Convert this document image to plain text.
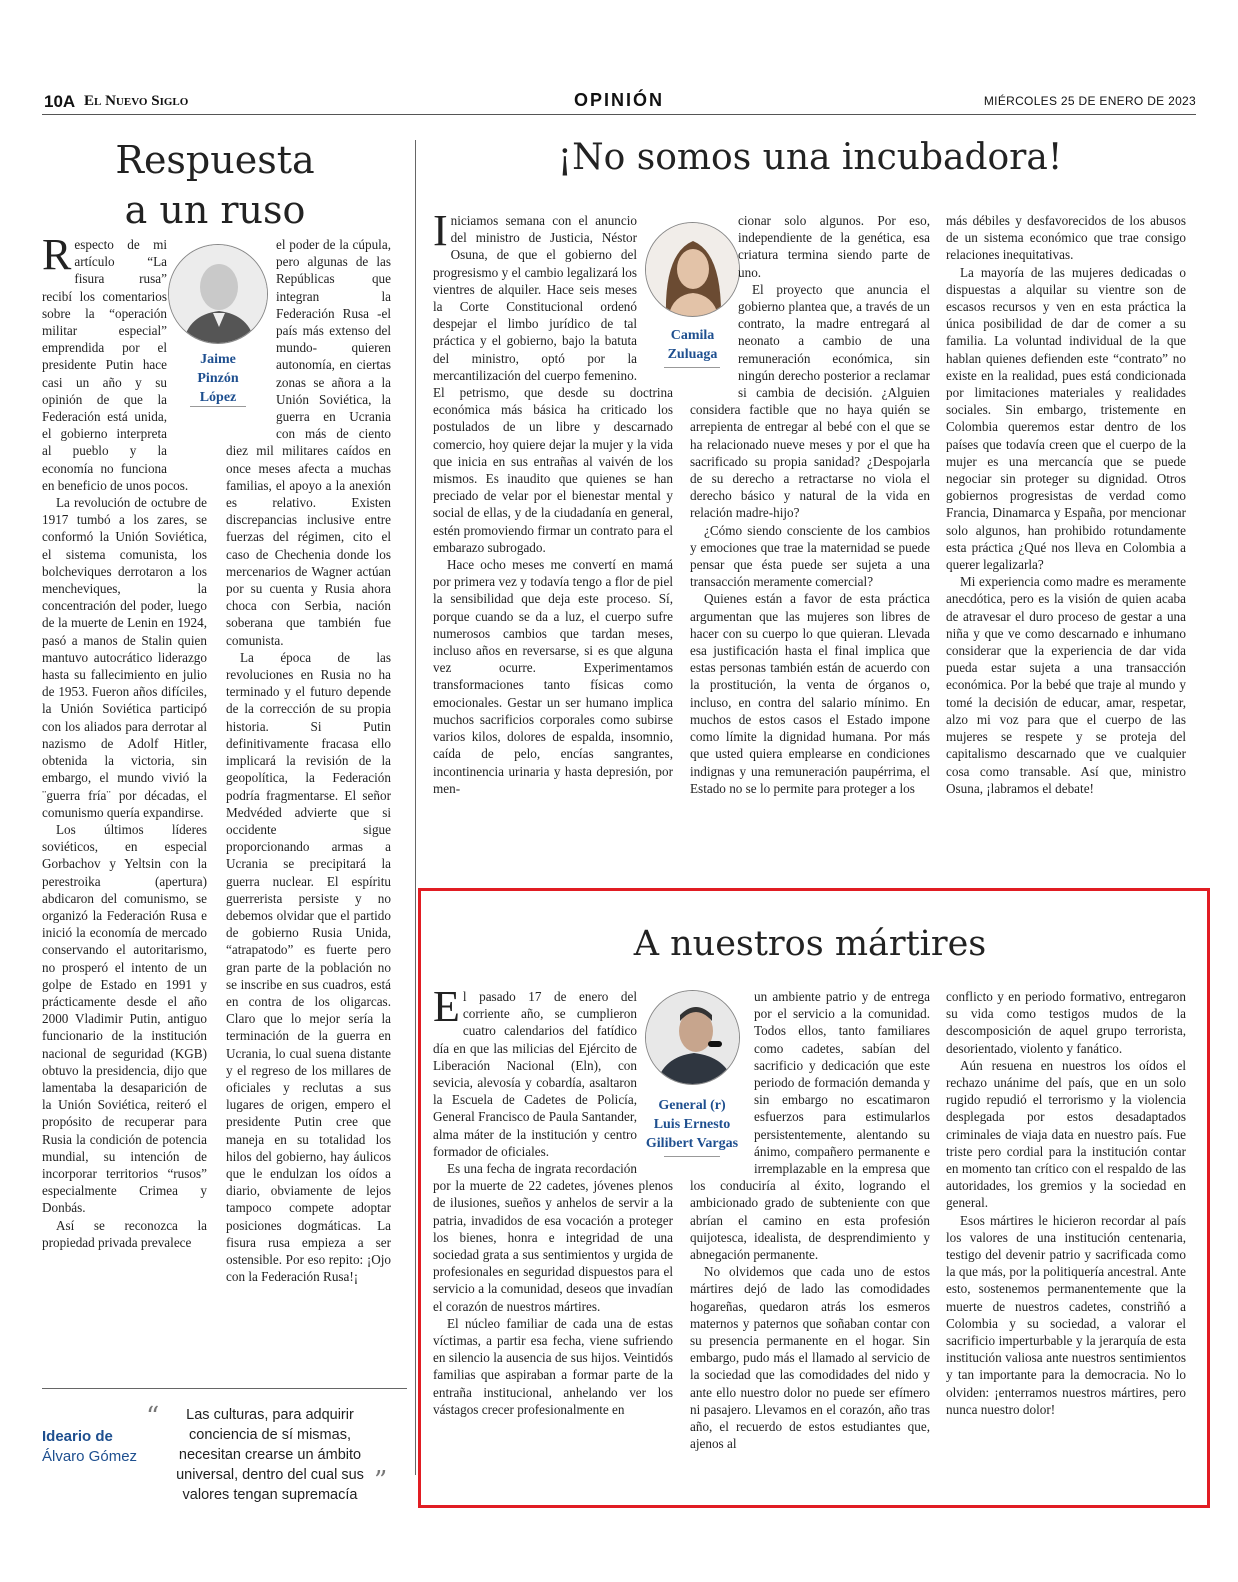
10A El Nuevo Siglo	OPINIÓN	MIÉRCOLES 25 DE ENERO DE 2023
Respuesta
a un ruso
Jaime
Pinzón
López

Respecto de mi artículo “La fisura rusa” recibí los comentarios sobre la “operación militar especial” emprendida por el presidente Putin hace casi un año y su opinión de que la Federación está unida, el gobierno interpreta al pueblo y la economía no funciona en beneficio de unos pocos.

La revolución de octubre de 1917 tumbó a los zares, se conformó la Unión Soviética, el sistema comunista, los bolcheviques derrotaron a los mencheviques, la concentración del poder, luego de la muerte de Lenin en 1924, pasó a manos de Stalin quien mantuvo autocrático liderazgo hasta su fallecimiento en julio de 1953. Fueron años difíciles, la Unión Soviética participó con los aliados para derrotar al nazismo de Adolf Hitler, obtenida la victoria, sin embargo, el mundo vivió la ¨guerra fría¨ por décadas, el comunismo quería expandirse.

Los últimos líderes soviéticos, en especial Gorbachov y Yeltsin con la perestroika (apertura) abdicaron del comunismo, se organizó la Federación Rusa e inició la economía de mercado conservando el autoritarismo, no prosperó el intento de un golpe de Estado en 1991 y prácticamente desde el año 2000 Vladimir Putin, antiguo funcionario de la institución nacional de seguridad (KGB) obtuvo la presidencia, dijo que lamentaba la desaparición de la Unión Soviética, reiteró el propósito de recuperar para Rusia la condición de potencia mundial, su intención de incorporar territorios “rusos” especialmente Crimea y Donbás.

Así se reconozca la propiedad privada prevalece

el poder de la cúpula, pero algunas de las Repúblicas que integran la Federación Rusa -el país más extenso del mundo- quieren autonomía, en ciertas zonas se añora a la Unión Soviética, la guerra en Ucrania con más de ciento diez mil militares caídos en once meses afecta a muchas familias, el apoyo a la anexión es relativo. Existen discrepancias inclusive entre fuerzas del régimen, cito el caso de Chechenia donde los mercenarios de Wagner actúan por su cuenta y Rusia ahora choca con Serbia, nación soberana que también fue comunista.

La época de las revoluciones en Rusia no ha terminado y el futuro depende de la corrección de su propia historia. Si Putin definitivamente fracasa ello implicará la revisión de la geopolítica, la Federación podría fragmentarse. El señor Medvéded advierte que si occidente sigue proporcionando armas a Ucrania se precipitará la guerra nuclear. El espíritu guerrerista persiste y no debemos olvidar que el partido de gobierno Rusia Unida, “atrapatodo” es fuerte pero gran parte de la población no se inscribe en sus cuadros, está en contra de los oligarcas. Claro que lo mejor sería la terminación de la guerra en Ucrania, lo cual suena distante y el regreso de los millares de oficiales y reclutas a sus lugares de origen, empero el presidente Putin cree que maneja en su totalidad los hilos del gobierno, hay áulicos que le endulzan los oídos a diario, obviamente de lejos tampoco compete adoptar posiciones dogmáticas. La fisura rusa empieza a ser ostensible. Por eso repito: ¡Ojo con la Federación Rusa!¡

Ideario de
Álvaro Gómez
“	Las culturas, para adquirir conciencia de sí mismas, necesitan crearse un ámbito universal, dentro del cual sus valores tengan supremacía ”
¡No somos una incubadora!
Camila
Zuluaga

Iniciamos semana con el anuncio del ministro de Justicia, Néstor Osuna, de que el gobierno del progresismo y el cambio legalizará los vientres de alquiler. Hace seis meses la Corte Constitucional ordenó despejar el limbo jurídico de tal práctica y el gobierno, bajo la batuta del ministro, optó por la mercantilización del cuerpo femenino. El petrismo, que desde su doctrina económica más básica ha criticado los postulados de un libre y descarnado comercio, hoy quiere dejar la mujer y la vida que inicia en sus entrañas al vaivén de los mismos. Es inaudito que quienes se han preciado de velar por el bienestar mental y social de ellas, y de la ciudadanía en general, estén promoviendo firmar un contrato para el embarazo subrogado.

Hace ocho meses me convertí en mamá por primera vez y todavía tengo a flor de piel la sensibilidad que deja este proceso. Sí, porque cuando se da a luz, el cuerpo sufre numerosos cambios que tardan meses, incluso años en reversarse, si es que alguna vez ocurre. Experimentamos transformaciones tanto físicas como emocionales. Gestar un ser humano implica muchos sacrificios corporales como subirse varios kilos, dolores de espalda, insomnio, caída de pelo, encías sangrantes, incontinencia urinaria y hasta depresión, por men-

cionar solo algunos. Por eso, independiente de la genética, esa criatura termina siendo parte de uno.

El proyecto que anuncia el gobierno plantea que, a través de un contrato, la madre entregará al neonato a cambio de una remuneración económica, sin ningún derecho posterior a reclamar si cambia de decisión. ¿Alguien considera factible que no haya quién se arrepienta de entregar al bebé con el que se ha relacionado nueve meses y por el que ha sacrificado su propia sanidad? ¿Despojarla de su derecho a retractarse no viola el derecho básico y natural de la vida en relación madre-hijo?

¿Cómo siendo consciente de los cambios y emociones que trae la maternidad se puede pensar que ésta puede ser sujeta a una transacción meramente comercial?

Quienes están a favor de esta práctica argumentan que las mujeres son libres de hacer con su cuerpo lo que quieran. Llevada esa justificación hasta el final implica que estas personas también están de acuerdo con la prostitución, la venta de órganos o, incluso, en contra del salario mínimo. En muchos de estos casos el Estado impone como límite la dignidad humana. Por más que usted quiera emplearse en condiciones indignas y una remuneración paupérrima, el Estado no se lo permite para proteger a los

más débiles y desfavorecidos de los abusos de un sistema económico que trae consigo relaciones inequitativas.

La mayoría de las mujeres dedicadas o dispuestas a alquilar su vientre son de escasos recursos y ven en esta práctica la única posibilidad de dar de comer a su familia. La voluntad individual de la que hablan quienes defienden este “contrato” no existe en la realidad, pues está condicionada por limitaciones materiales y realidades sociales. Sin embargo, tristemente en Colombia queremos estar dentro de los países que todavía creen que el cuerpo de la mujer es una mercancía que se puede negociar sin proteger su dignidad. Otros gobiernos progresistas de verdad como Francia, Dinamarca y España, por mencionar solo algunos, han prohibido rotundamente esta práctica ¿Qué nos lleva en Colombia a querer legalizarla?

Mi experiencia como madre es meramente anecdótica, pero es la visión de quien acaba de atravesar el duro proceso de gestar a una niña y que ve como descarnado e inhumano considerar que la experiencia de dar vida pueda estar sujeta a una transacción económica. Por la bebé que traje al mundo y tomé la decisión de educar, amar, respetar, alzo mi voz para que el cuerpo de las mujeres se respete y se proteja del capitalismo descarnado que ve cualquier cosa como transable. Así que, ministro Osuna, ¡labramos el debate!

A nuestros mártires
General (r)
Luis Ernesto
Gilibert Vargas

El pasado 17 de enero del corriente año, se cumplieron cuatro calendarios del fatídico día en que las milicias del Ejército de Liberación Nacional (Eln), con sevicia, alevosía y cobardía, asaltaron la Escuela de Cadetes de Policía, General Francisco de Paula Santander, alma máter de la institución y centro formador de oficiales.

Es una fecha de ingrata recordación por la muerte de 22 cadetes, jóvenes plenos de ilusiones, sueños y anhelos de servir a la patria, invadidos de esa vocación a proteger los bienes, honra e integridad de una sociedad grata a sus sentimientos y urgida de profesionales en seguridad dispuestos para el servicio a la comunidad, deseos que invadían el corazón de nuestros mártires.

El núcleo familiar de cada una de estas víctimas, a partir esa fecha, viene sufriendo en silencio la ausencia de sus hijos. Veintidós familias que aspiraban a formar parte de la entraña institucional, anhelando ver los vástagos crecer profesionalmente en

un ambiente patrio y de entrega por el servicio a la comunidad. Todos ellos, tanto familiares como cadetes, sabían del sacrificio y dedicación que este periodo de formación demanda y sin embargo no escatimaron esfuerzos para estimularlos persistentemente, alentando su ánimo, compañero permanente e irremplazable en la empresa que los conduciría al éxito, logrando el ambicionado grado de subteniente con que abrían el camino en esta profesión quijotesca, idealista, de desprendimiento y abnegación permanente.

No olvidemos que cada uno de estos mártires dejó de lado las comodidades hogareñas, quedaron atrás los esmeros maternos y paternos que soñaban contar con su presencia permanente en el hogar. Sin embargo, pudo más el llamado al servicio de la sociedad que las comodidades del nido y ante ello nuestro dolor no puede ser efímero ni pasajero. Llevamos en el corazón, año tras año, el recuerdo de estos estudiantes que, ajenos al

conflicto y en periodo formativo, entregaron su vida como testigos mudos de la descomposición de aquel grupo terrorista, desorientado, violento y fanático.

Aún resuena en nuestros los oídos el rechazo unánime del país, que en un solo rugido repudió el terrorismo y la violencia desplegada por estos desadaptados criminales de viaja data en nuestro país. Fue triste pero cordial para la institución contar en momento tan crítico con el respaldo de las autoridades, los gremios y la sociedad en general.

Esos mártires le hicieron recordar al país los valores de una institución centenaria, testigo del devenir patrio y sacrificada como la que más, por la politiquería ancestral. Ante esto, sostenemos permanentemente que la muerte de nuestros cadetes, constriñó a Colombia y su sociedad, a valorar el sacrificio imperturbable y la jerarquía de esta institución valiosa ante nuestros sentimientos y tan importante para la democracia. No lo olviden: ¡enterramos nuestros mártires, pero nunca nuestro dolor!
